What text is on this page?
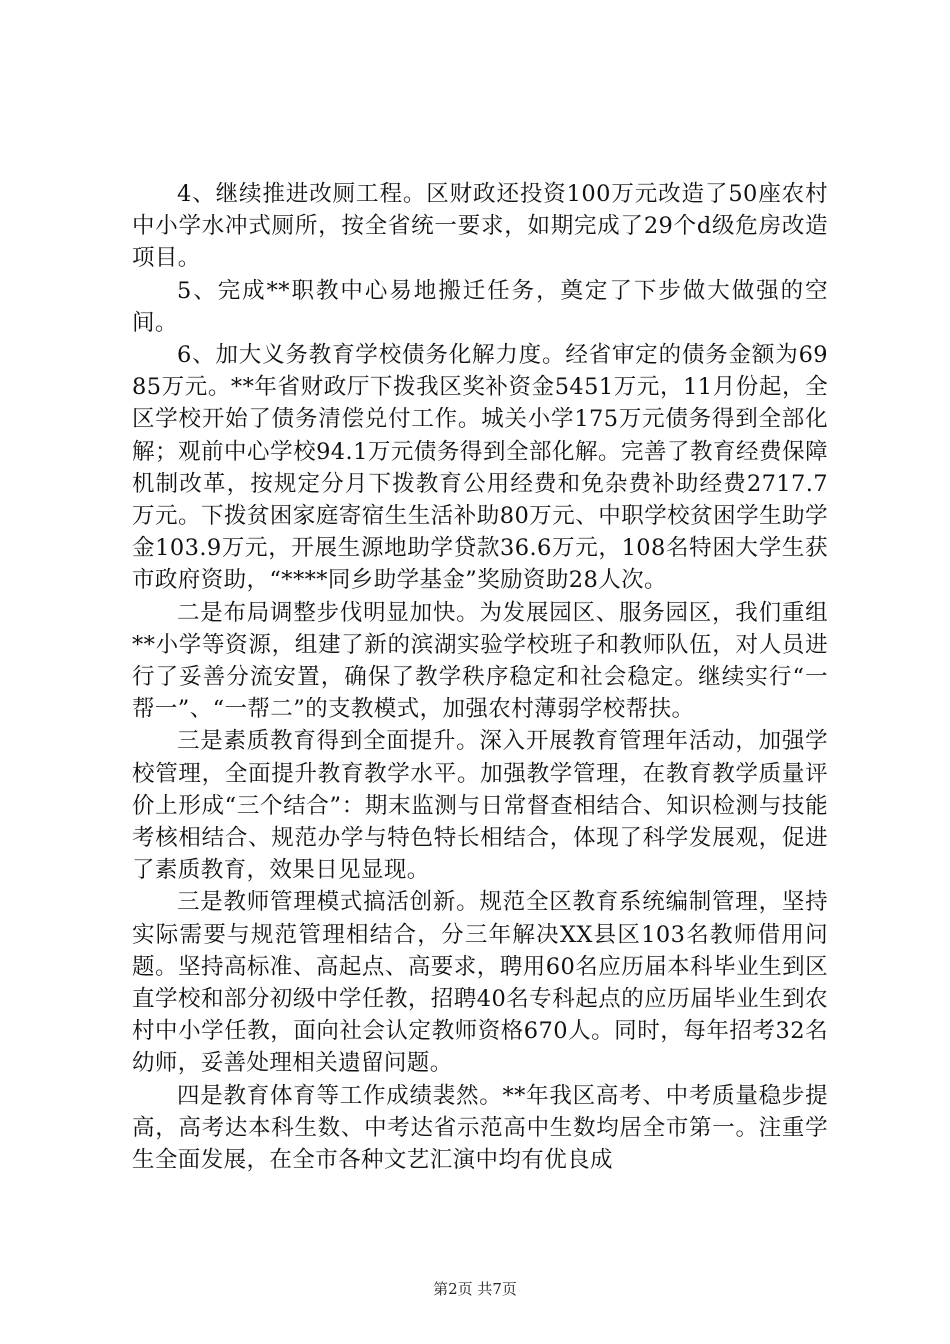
4、继续推进改厕工程。区财政还投资100万元改造了50座农村中小学水冲式厕所，按全省统一要求，如期完成了29个d级危房改造项目。

5、完成**职教中心易地搬迁任务，奠定了下步做大做强的空间。

6、加大义务教育学校债务化解力度。经省审定的债务金额为6985万元。**年省财政厅下拨我区奖补资金5451万元，11月份起，全区学校开始了债务清偿兑付工作。城关小学175万元债务得到全部化解；观前中心学校94.1万元债务得到全部化解。完善了教育经费保障机制改革，按规定分月下拨教育公用经费和免杂费补助经费2717.7万元。下拨贫困家庭寄宿生生活补助80万元、中职学校贫困学生助学金103.9万元，开展生源地助学贷款36.6万元，108名特困大学生获市政府资助，“****同乡助学基金”奖励资助28人次。

二是布局调整步伐明显加快。为发展园区、服务园区，我们重组**小学等资源，组建了新的滨湖实验学校班子和教师队伍，对人员进行了妥善分流安置，确保了教学秩序稳定和社会稳定。继续实行“一帮一”、“一帮二”的支教模式，加强农村薄弱学校帮扶。

三是素质教育得到全面提升。深入开展教育管理年活动，加强学校管理，全面提升教育教学水平。加强教学管理，在教育教学质量评价上形成“三个结合”：期末监测与日常督查相结合、知识检测与技能考核相结合、规范办学与特色特长相结合，体现了科学发展观，促进了素质教育，效果日见显现。

三是教师管理模式搞活创新。规范全区教育系统编制管理，坚持实际需要与规范管理相结合，分三年解决XX县区103名教师借用问题。坚持高标准、高起点、高要求，聘用60名应历届本科毕业生到区直学校和部分初级中学任教，招聘40名专科起点的应历届毕业生到农村中小学任教，面向社会认定教师资格670人。同时，每年招考32名幼师，妥善处理相关遗留问题。

四是教育体育等工作成绩裴然。**年我区高考、中考质量稳步提高，高考达本科生数、中考达省示范高中生数均居全市第一。注重学生全面发展，在全市各种文艺汇演中均有优良成

第2页 共7页
